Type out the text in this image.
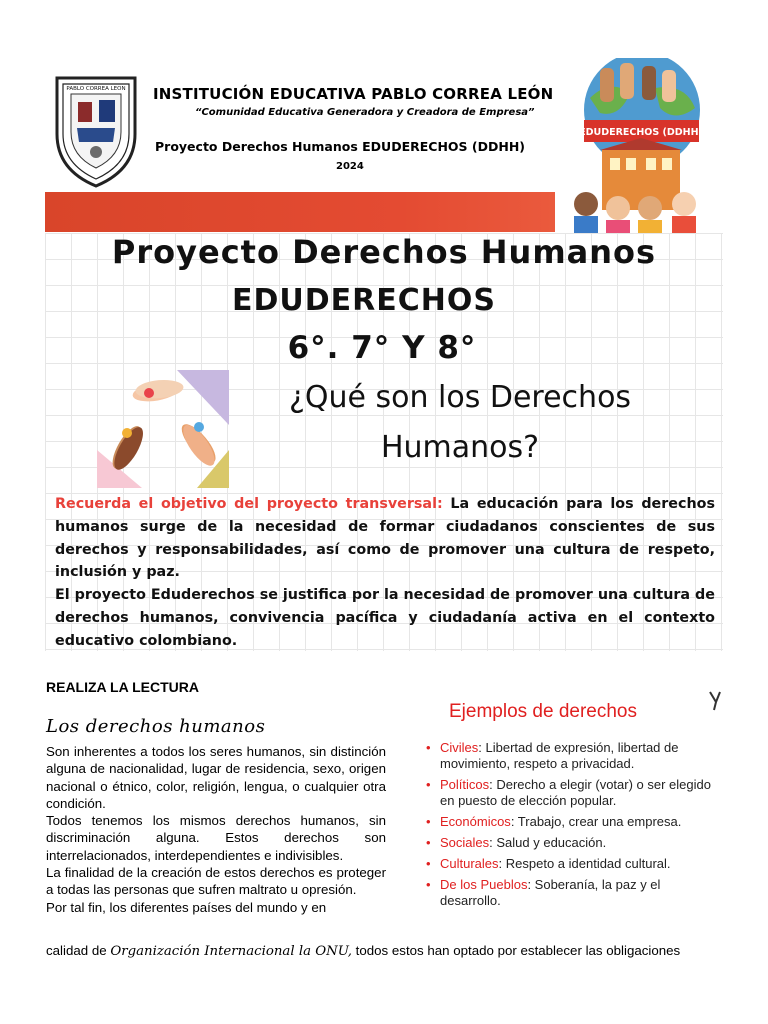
PABLO CORREA LEON INSTITUCIÓN EDUCATIVA PABLO CORREA LEÓN
“Comunidad Educativa Generadora y Creadora de Empresa”
Proyecto Derechos Humanos EDUDERECHOS (DDHH)
2024
EDUDERECHOS (DDHH)
Proyecto Derechos Humanos
EDUDERECHOS
6°. 7° Y 8°
¿Qué son los Derechos
Humanos?

Recuerda el objetivo del proyecto transversal: La educación para los derechos humanos surge de la necesidad de formar ciudadanos conscientes de sus derechos y responsabilidades, así como de promover una cultura de respeto, inclusión y paz.

El proyecto Eduderechos se justifica por la necesidad de promover una cultura de derechos humanos, convivencia pacífica y ciudadanía activa en el contexto educativo colombiano.

REALIZA LA LECTURA
Los derechos humanos

Son inherentes a todos los seres humanos, sin distinción alguna de nacionalidad, lugar de residencia, sexo, origen nacional o étnico, color, religión, lengua, o cualquier otra condición.

Todos tenemos los mismos derechos humanos, sin discriminación alguna. Estos derechos son interrelacionados, interdependientes e indivisibles.

La finalidad de la creación de estos derechos es proteger a todas las personas que sufren maltrato u opresión.

Por tal fin, los diferentes países del mundo y en

calidad de Organización Internacional la ONU, todos estos han optado por establecer las obligaciones
Ejemplos de derechos
• Civiles: Libertad de expresión, libertad de movimiento, respeto a privacidad.
• Políticos: Derecho a elegir (votar) o ser elegido en puesto de elección popular.
• Económicos: Trabajo, crear una empresa.
• Sociales: Salud y educación.
• Culturales: Respeto a identidad cultural.
• De los Pueblos: Soberanía, la paz y el desarrollo.
